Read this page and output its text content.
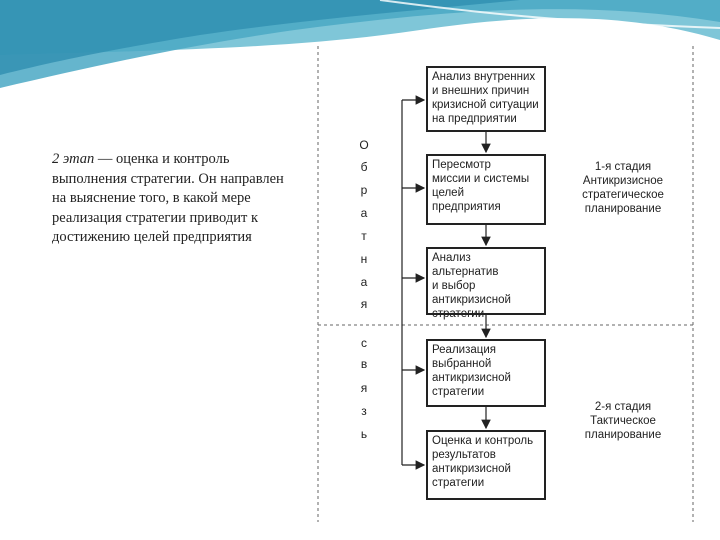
2 этап — оценка и контроль выполнения стратегии. Он направлен на выяснение того, в какой мере реализация стратегии приводит к достижению целей предприятия
О
б
р
а
т
н
а
я
с
в
я
з
ь
Анализ внутренних
и внешних причин
кризисной ситуации
на предприятии
Пересмотр
миссии и системы
целей
предприятия
Анализ альтернатив
и выбор
антикризисной
стратегии
Реализация
выбранной
антикризисной
стратегии
Оценка и контроль
результатов
антикризисной
стратегии
1-я стадия
Антикризисное
стратегическое
планирование
2-я стадия
Тактическое
планирование
